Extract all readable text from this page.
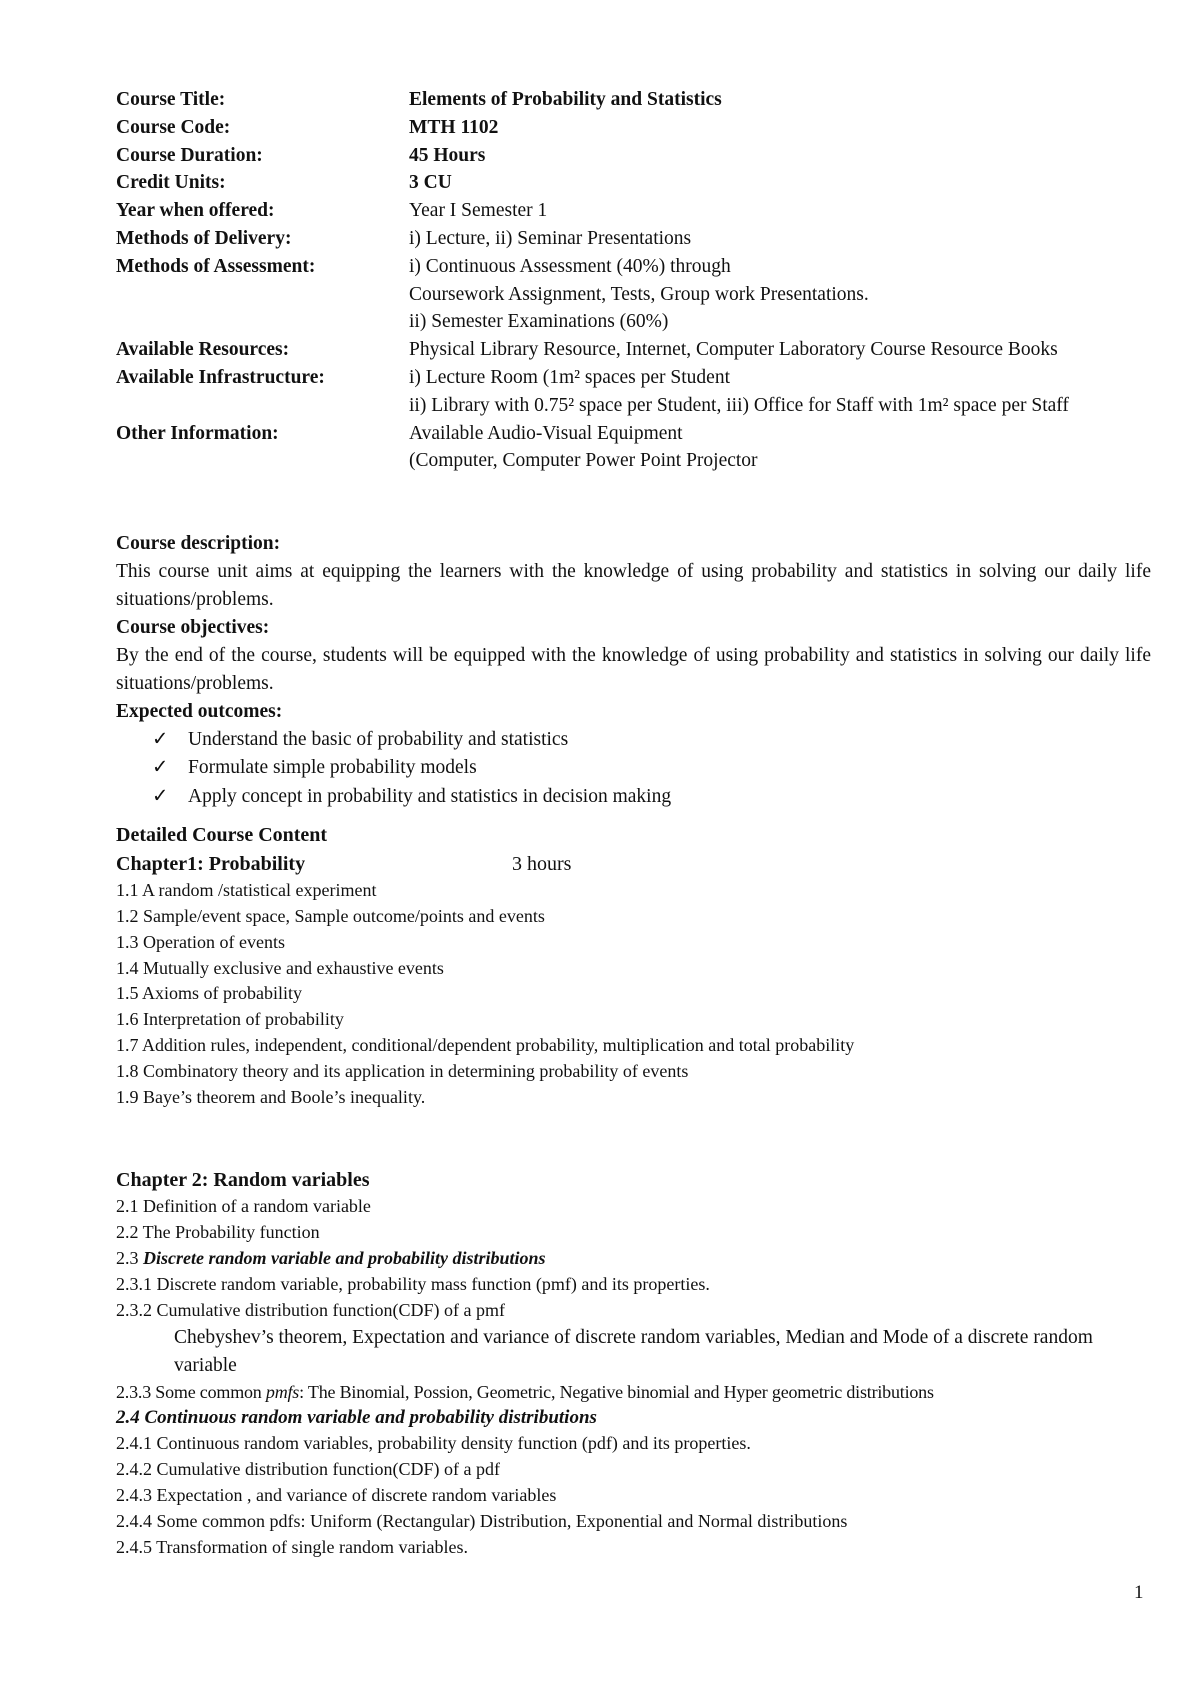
Course Title:	Elements of Probability and Statistics
Course Code:	MTH 1102
Course Duration:	45 Hours
Credit Units:	3 CU
Year when offered:	Year I Semester 1
Methods of Delivery:	i) Lecture, ii) Seminar Presentations
Methods of Assessment:	i) Continuous Assessment (40%) through
Coursework Assignment, Tests, Group work Presentations.
ii) Semester Examinations (60%)
Available Resources:	Physical Library Resource, Internet, Computer Laboratory Course Resource Books
Available Infrastructure:	i) Lecture Room (1m² spaces per Student
ii) Library with 0.75² space per Student, iii) Office for Staff with 1m² space per Staff
Other Information:	Available Audio-Visual Equipment
(Computer, Computer Power Point Projector
Course description:
This course unit aims at equipping the learners with the knowledge of using probability and statistics in solving our daily life situations/problems.
Course objectives:
By the end of the course, students will be equipped with the knowledge of using probability and statistics in solving our daily life situations/problems.
Expected outcomes:
✓	Understand the basic of probability and statistics
✓	Formulate simple probability models
✓	Apply concept in probability and statistics in decision making
Detailed Course Content
Chapter1: Probability	3 hours
1.1 A random /statistical experiment
1.2 Sample/event space, Sample outcome/points and events
1.3 Operation of events
1.4 Mutually exclusive and exhaustive events
1.5 Axioms of probability
1.6 Interpretation of probability
1.7 Addition rules, independent, conditional/dependent probability, multiplication and total probability
1.8 Combinatory theory and its application in determining probability of events
1.9 Baye’s theorem and Boole’s inequality.
Chapter 2: Random variables
2.1 Definition of a random variable
2.2 The Probability function
2.3 Discrete random variable and probability distributions
2.3.1 Discrete random variable, probability mass function (pmf) and its properties.
2.3.2 Cumulative distribution function(CDF) of a pmf
Chebyshev’s theorem, Expectation and variance of discrete random variables, Median and Mode of a discrete random variable
2.3.3 Some common pmfs: The Binomial, Possion, Geometric, Negative binomial and Hyper geometric distributions
2.4 Continuous random variable and probability distributions
2.4.1 Continuous random variables, probability density function (pdf) and its properties.
2.4.2 Cumulative distribution function(CDF) of a pdf
2.4.3 Expectation , and variance of discrete random variables
2.4.4 Some common pdfs: Uniform (Rectangular) Distribution, Exponential and Normal distributions
2.4.5 Transformation of single random variables.
1
